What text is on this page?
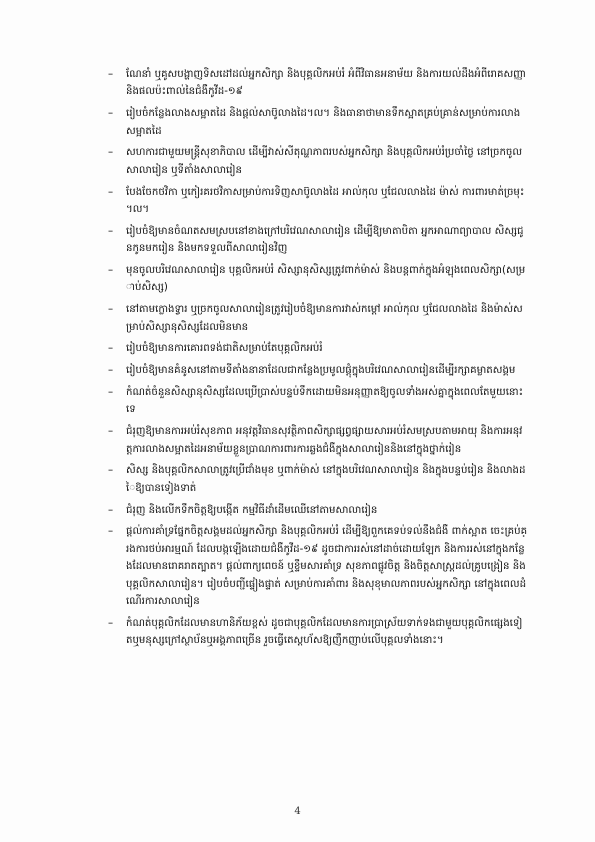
– ណែនាំ ឬគូសបង្ហាញទិសដៅដល់អ្នកសិក្សា និងបុគ្គលិកអប់រំ អំពីវិធានអនាម័យ និងការយល់ដឹងអំពីរោគសញ្ញា និងផលប៉ះពាល់នៃជំងឺកូវីដ-១៩
– រៀបចំកន្លែងលាងសម្អាតដៃ និងផ្តល់សាប៊ូលាងដៃ។ល។ និងធានាថាមានទឹកស្អាតគ្រប់គ្រាន់សម្រាប់ការលាងសម្អាតដៃ
– សហការជាមួយមន្ត្រីសុខាភិបាល ដើម្បីវាស់សីតុណ្ហភាពរបស់អ្នកសិក្សា និងបុគ្គលិកអប់រំប្រចាំថ្ងៃ នៅច្រកចូលសាលារៀន ឬទីតាំងសាលារៀន
– បែងចែកថវិកា ឬកៀរគរថវិកាសម្រាប់ការទិញសាប៊ូលាងដៃ អាល់កុល ឬជែលលាងដៃ ម៉ាស់ ការពារមាត់ច្រមុះ។ល។
– រៀបចំឱ្យមានចំណតសមស្របនៅខាងក្រៅបរិវេណសាលារៀន ដើម្បីឱ្យមាតាបិតា អ្នកអាណាព្យាបាល សិស្សជូនកូនមករៀន និងមកទទួលពីសាលារៀនវិញ
– មុនចូលបរិវេណសាលារៀន បុគ្គលិកអប់រំ សិស្សានុសិស្សត្រូវពាក់ម៉ាស់ និងបន្តពាក់ក្នុងអំឡុងពេលសិក្សា(សម្រាប់សិស្ស)
– នៅតាមក្លោងទ្វារ ឬច្រកចូលសាលារៀនត្រូវរៀបចំឱ្យមានការវាស់កម្តៅ អាល់កុល ឬជែលលាងដៃ និងម៉ាស់សម្រាប់សិស្សានុសិស្សដែលមិនមាន
– រៀបចំឱ្យមានការគោរពទង់ជាតិសម្រាប់តែបុគ្គលិកអប់រំ
– រៀបចំឱ្យមានគំនូសនៅតាមទីតាំងនានាដែលជាកន្លែងប្រមូលផ្តុំក្នុងបរិវេណសាលារៀនដើម្បីរក្សាគម្លាតសង្គម
– កំណត់ចំនួនសិស្សានុសិស្សដែលប្រើប្រាស់បន្ទប់ទឹកដោយមិនអនុញ្ញាតឱ្យចូលទាំងអស់គ្នាក្នុងពេលតែមួយនោះទេ
– ជំរុញឱ្យមានការអប់រំសុខភាព អនុវត្តវិធានសុវត្ថិភាពសិក្សាផ្សព្វផ្សាយសារអប់រំសមស្របតាមអាយុ និងការអនុវត្តការលាងសម្អាតដៃអនាម័យខ្លួនប្រាណការពារការឆ្លងជំងឺក្នុងសាលារៀននិងនៅក្នុងថ្នាក់រៀន
– សិស្ស និងបុគ្គលិកសាលាត្រូវប្រើជាំងមុខ ឬពាក់ម៉ាស់ នៅក្នុងបរិវេណសាលារៀន និងក្នុងបន្ទប់រៀន និងលាងដៃឱ្យបានទៀងទាត់
– ជំរុញ និងលើកទឹកចិត្តឱ្យបង្កើត កម្មវិធីដាំដើមឈើនៅតាមសាលារៀន
– ផ្តល់ការគាំទ្រផ្នែកចិត្តសង្គមដល់អ្នកសិក្សា និងបុគ្គលិកអប់រំ ដើម្បីឱ្យពួកគេទប់ទល់នឹងជំងឺ ពាក់ស្អាត ចេះគ្រប់គ្រងការថប់អារម្មណ៍ ដែលបង្កឡើងដោយជំងឺកូវីដ-១៩ ដូចជាការរស់នៅដាច់ដោយឡែក និងការរស់នៅក្នុងកន្លែងដែលមានរោគរាតត្បាត។ ផ្តល់ពាក្យពេចន៍ ឬខ្ទឹមសារគាំទ្រ សុខភាពផ្លូវចិត្ត និងចិត្តសាស្ត្រដល់គ្រូបង្រៀន និងបុគ្គលិកសាលារៀន។ រៀបចំបញ្ជីផ្ទៀងផ្ទាត់ សម្រាប់ការគាំពារ និងសុខុមាលភាពរបស់អ្នកសិក្សា នៅក្នុងពេលដំណើរការសាលារៀន
– កំណត់បុគ្គលិកដែលមានហានិភ័យខ្ពស់ ដូចជាបុគ្គលិកដែលមានការប្រាស្រ័យទាក់ទងជាមួយបុគ្គលិកផ្សេងទៀតឬមនុស្សក្រៅស្ថាប័នឬអង្គភាពច្រើន រួចធ្វើតេស្តហ័សឱ្យញឹកញាប់លើបុគ្គលទាំងនោះ។
4
